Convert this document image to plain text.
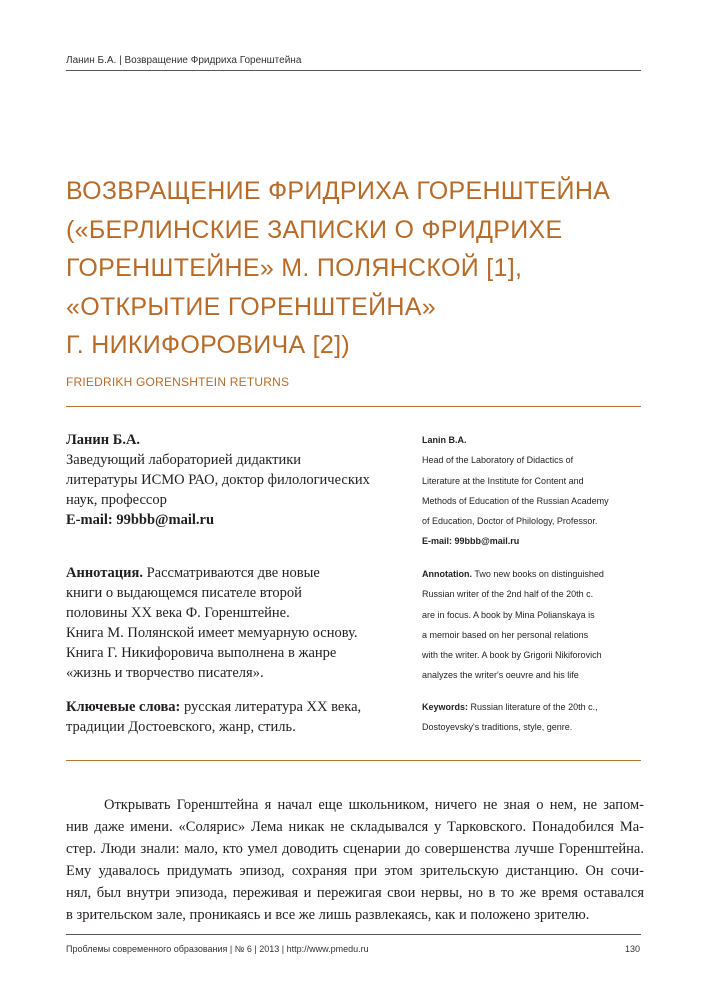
Ланин Б.А. | Возвращение Фридриха Горенштейна
ВОЗВРАЩЕНИЕ ФРИДРИХА ГОРЕНШТЕЙНА
(«БЕРЛИНСКИЕ ЗАПИСКИ О ФРИДРИХЕ
ГОРЕНШТЕЙНЕ» М. ПОЛЯНСКОЙ [1],
«ОТКРЫТИЕ ГОРЕНШТЕЙНА»
Г. НИКИФОРОВИЧА [2])
FRIEDRIKH GORENSHTEIN RETURNS
Ланин Б.А.
Заведующий лабораторией дидактики
литературы ИСМО РАО, доктор филологических
наук, профессор
E-mail: 99bbb@mail.ru
Lanin B.A.
Head of the Laboratory of Didactics of
Literature at the Institute for Content and
Methods of Education of the Russian Academy
of Education, Doctor of Philology, Professor.
E-mail: 99bbb@mail.ru
Аннотация. Рассматриваются две новые
книги о выдающемся писателе второй
половины XX века Ф. Горенштейне.
Книга М. Полянской имеет мемуарную основу.
Книга Г. Никифоровича выполнена в жанре
«жизнь и творчество писателя».
Annotation. Two new books on distinguished
Russian writer of the 2nd half of the 20th c.
are in focus. A book by Mina Polianskaya is
a memoir based on her personal relations
with the writer. A book by Grigorii Nikiforovich
analyzes the writer's oeuvre and his life
Ключевые слова: русская литература XX века,
традиции Достоевского, жанр, стиль.
Keywords: Russian literature of the 20th c.,
Dostoyevsky's traditions, style, genre.
Открывать Горенштейна я начал еще школьником, ничего не зная о нем, не запом-
нив даже имени. «Солярис» Лема никак не складывался у Тарковского. Понадобился Ма-
стер. Люди знали: мало, кто умел доводить сценарии до совершенства лучше Горенштейна.
Ему удавалось придумать эпизод, сохраняя при этом зрительскую дистанцию. Он сочи-
нял, был внутри эпизода, переживая и пережигая свои нервы, но в то же время оставался
в зрительском зале, проникаясь и все же лишь развлекаясь, как и положено зрителю.
Проблемы современного образования | № 6 | 2013 | http://www.pmedu.ru	130
